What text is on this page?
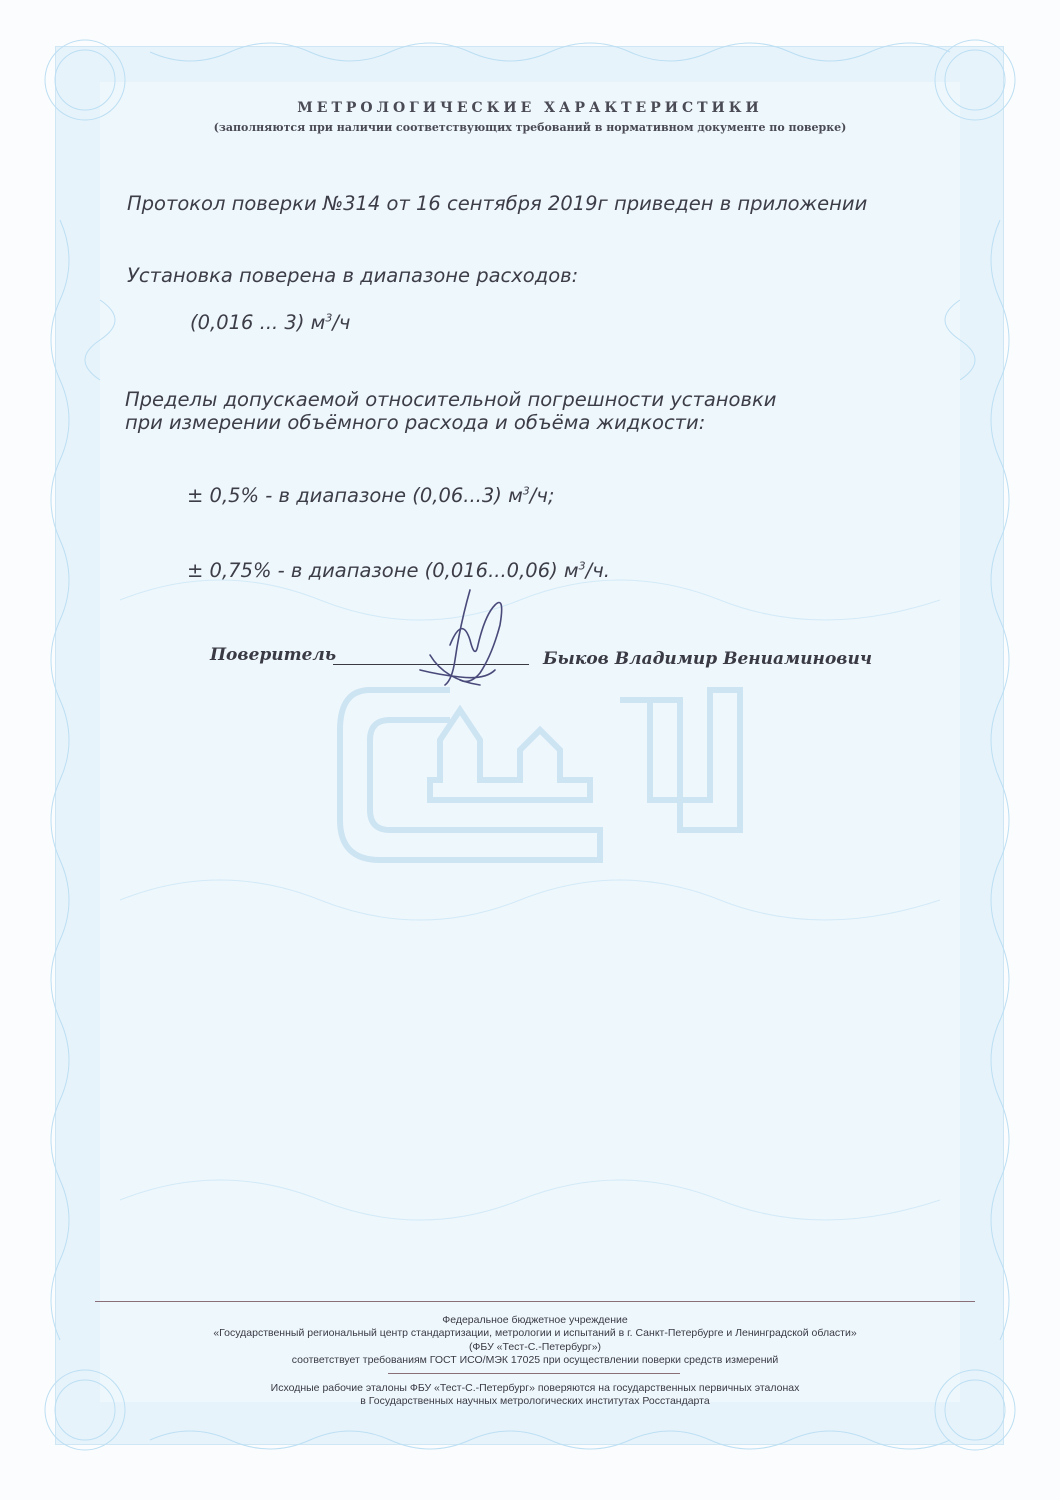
МЕТРОЛОГИЧЕСКИЕ ХАРАКТЕРИСТИКИ
(заполняются при наличии соответствующих требований в нормативном документе по поверке)
Протокол поверки №314 от 16 сентября 2019г приведен в приложении
Установка поверена в диапазоне расходов:
(0,016 ... 3) $м^3/ч$
Пределы допускаемой относительной погрешности установки
при измерении объёмного расхода и объёма жидкости:
± 0,5% - в диапазоне (0,06...3) $м^3/ч$;
± 0,75% - в диапазоне (0,016...0,06) $м^3/ч$.
Поверитель	Быков Владимир Вениаминович
Федеральное бюджетное учреждение
«Государственный региональный центр стандартизации, метрологии и испытаний в г. Санкт-Петербурге и Ленинградской области»
(ФБУ «Тест-С.-Петербург»)
соответствует требованиям ГОСТ ИСО/МЭК 17025 при осуществлении поверки средств измерений
Исходные рабочие эталоны ФБУ «Тест-С.-Петербург» поверяются на государственных первичных эталонах
в Государственных научных метрологических институтах Росстандарта
